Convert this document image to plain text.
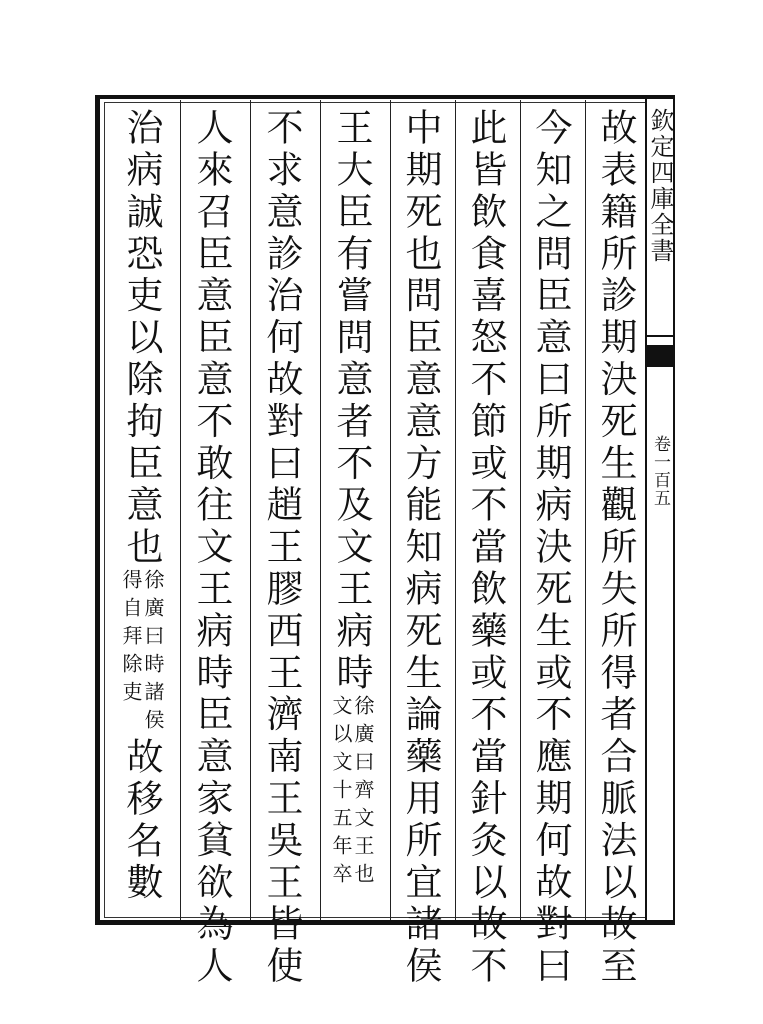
欽定四庫全書
卷一百五
故表籍所診期決死生觀所失所得者合脈法以故至
今知之問臣意曰所期病決死生或不應期何故對曰
此皆飲食喜怒不節或不當飲藥或不當針灸以故不
中期死也問臣意意方能知病死生論藥用所宜諸侯
王大臣有嘗問意者不及文王病時
徐廣曰齊文王也
文以文十五年卒
不求意診治何故對曰趙王膠西王濟南王吳王皆使
人來召臣意臣意不敢往文王病時臣意家貧欲為人
治病誠恐吏以除拘臣意也
徐廣曰時諸侯
得自拜除吏
故移名數
